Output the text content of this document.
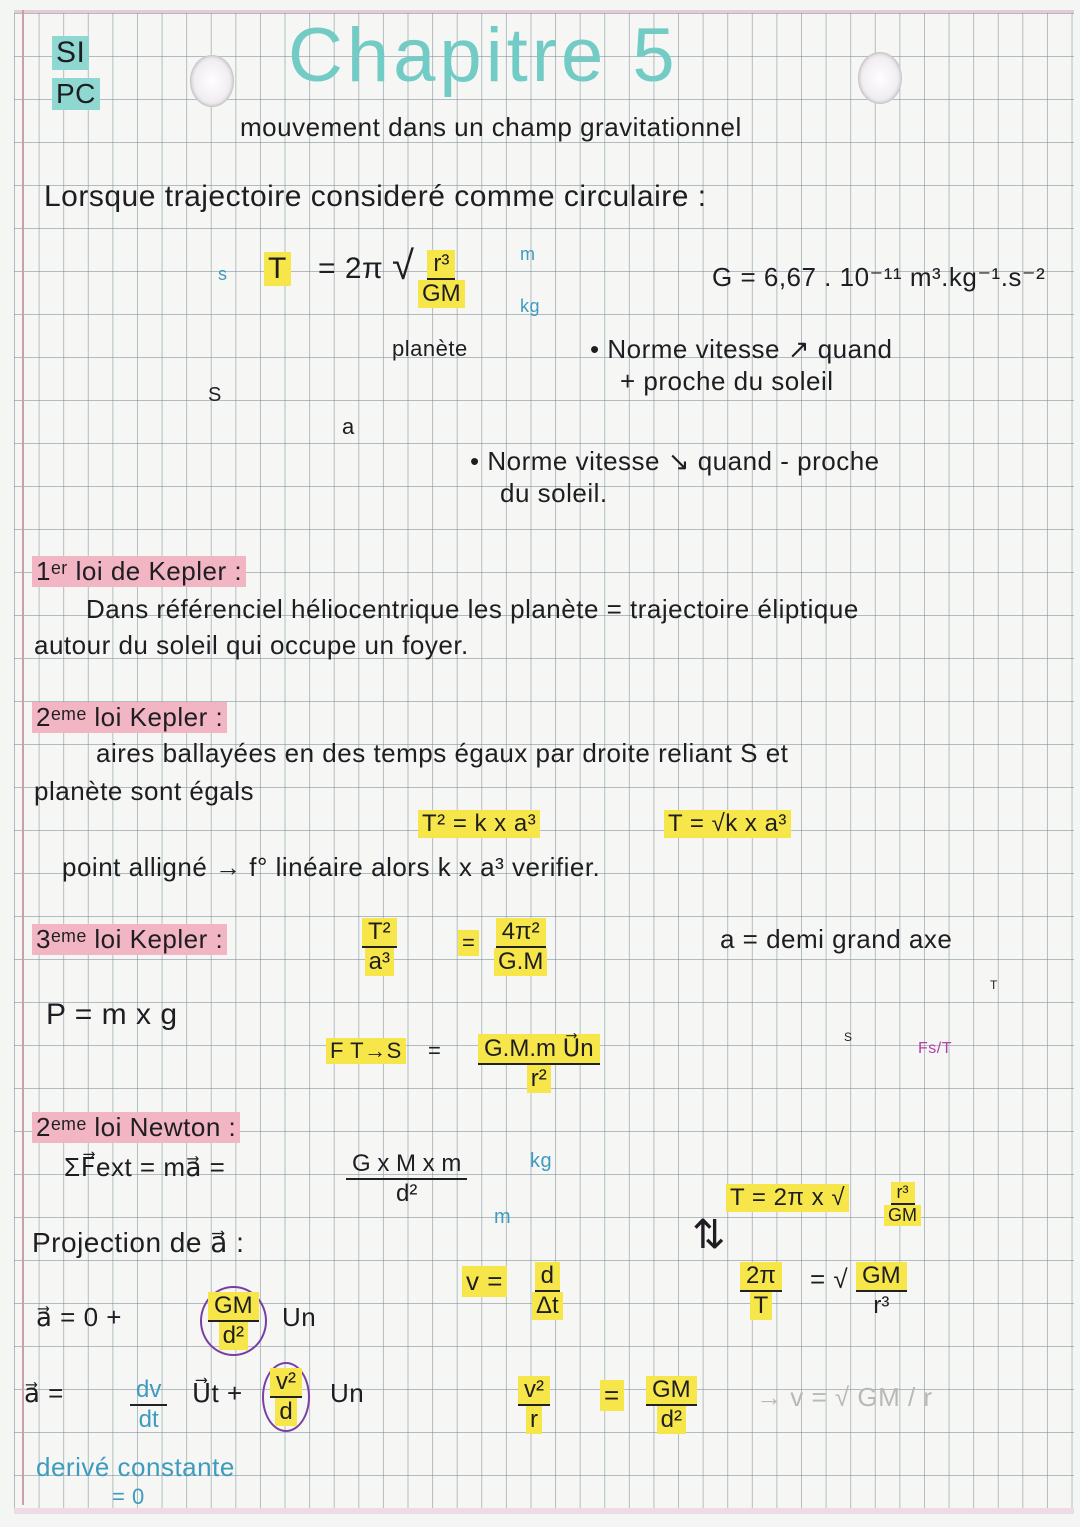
SI
PC	Chapitre 5
mouvement dans un champ gravitationnel
Lorsque trajectoire consideré comme circulaire :
s T = 2π √ $\frac{\text{r³}}{GM}$	m
kg
G = 6,67 . 10⁻¹¹ m³.kg⁻¹.s⁻²
S
planète
a
• Norme vitesse ↗ quand
+ proche du soleil
• Norme vitesse ↘ quand - proche
du soleil.
1ᵉʳ loi de Kepler :
Dans référenciel héliocentrique les planète = trajectoire éliptique
autour du soleil qui occupe un foyer.
2ᵉᵐᵉ loi Kepler :
aires ballayées en des temps égaux par droite reliant S et
planète sont égals
T² = k x a³	T = √k x a³
point alligné → f° linéaire alors k x a³ verifier.
3ᵉᵐᵉ loi Kepler :	$\frac{\text{T²}}{\text{a³}}$	= $\frac{\text{4π²}}{G.M}$	a = demi grand axe
P = m x g
F $T\to S = \frac{\text{G.M.m U⃗n}}{\text{r²}}$
+
+
T
S
Fs/T
2ᵉᵐᵉ loi Newton :
ΣF⃗ext = ma⃗ =	$\frac{\text{G x M x m}}{\text{d²}}$	kg
m
Projection de a⃗ :
a⃗ = 0 +	$\frac{GM}{\text{d²}}$ Un
a⃗ =	$\frac{dv}{dt}$ U⃗t + $\frac{\text{v²}}{d}$ Un
derivé constante
= 0
T = 2π x √ $\frac{\text{r³}}{GM}$
⇅
$\frac{2\pi}{T}$ = √ $\frac{GM}{\text{r³}}$
$v = \frac{d}{\Delta t}$
$\frac{\text{v²}}{r} = \frac{GM}{\text{d²}} \to v$ = √ GM / r
